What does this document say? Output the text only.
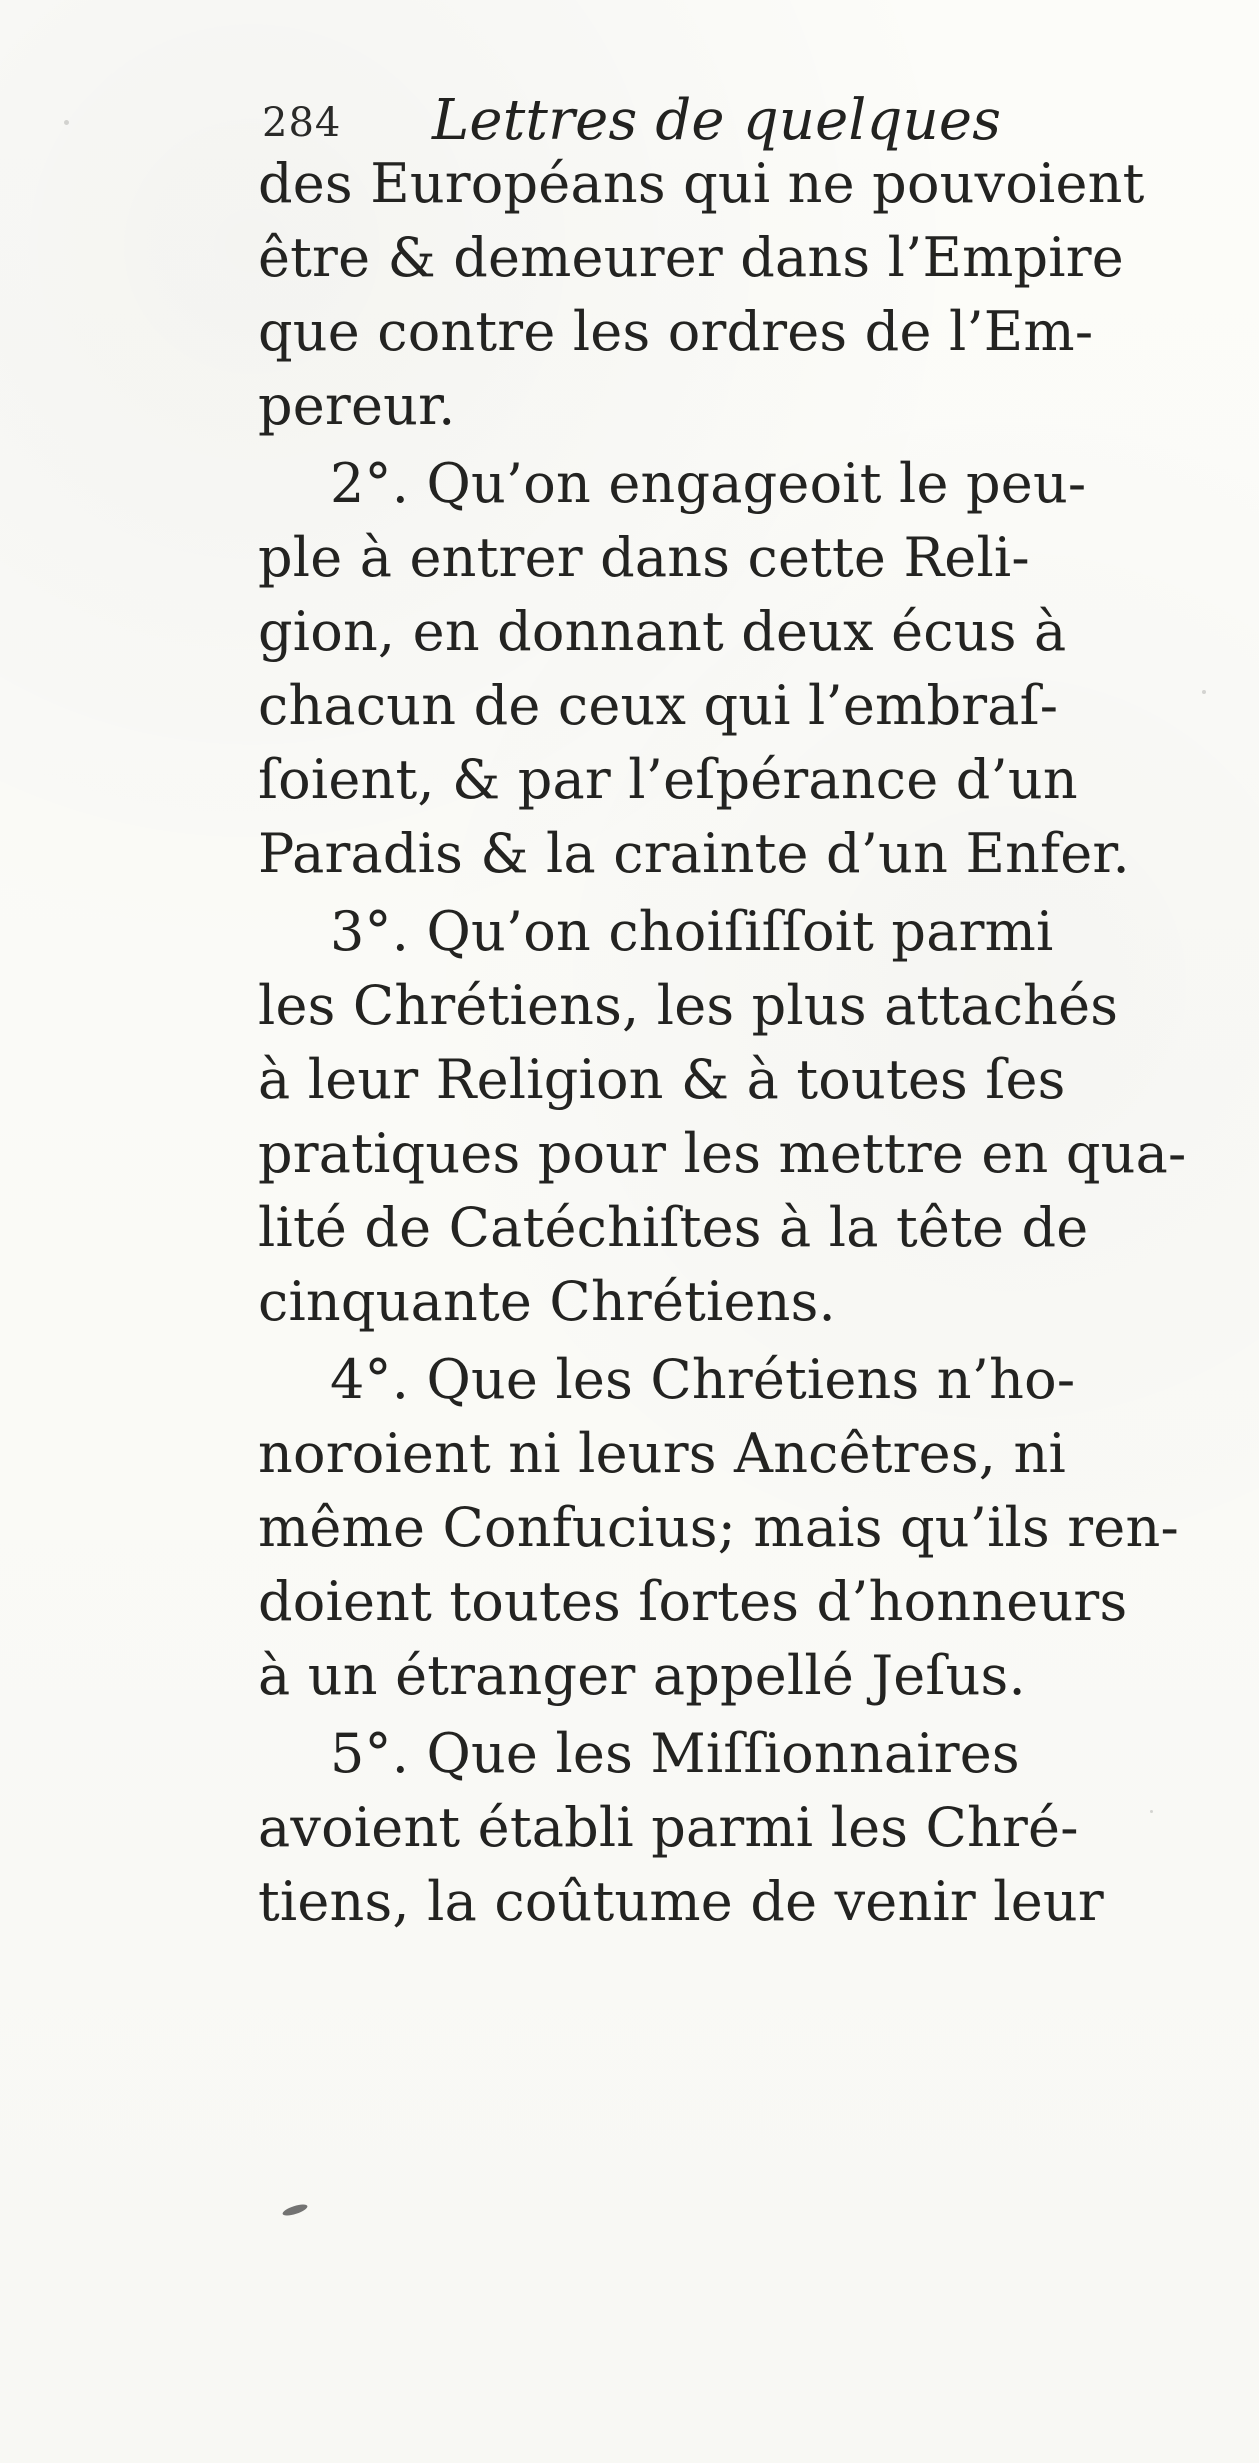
284 Lettres de quelques
des Européans qui ne pouvoient
être & demeurer dans l’Empire
que contre les ordres de l’Em-
pereur.
2°. Qu’on engageoit le peu-
ple à entrer dans cette Reli-
gion, en donnant deux écus à
chacun de ceux qui l’embraſ-
ſoient, & par l’eſpérance d’un
Paradis & la crainte d’un Enfer.
3°. Qu’on choiſiſſoit parmi
les Chrétiens, les plus attachés
à leur Religion & à toutes ſes
pratiques pour les mettre en qua-
lité de Catéchiſtes à la tête de
cinquante Chrétiens.
4°. Que les Chrétiens n’ho-
noroient ni leurs Ancêtres, ni
même Confucius; mais qu’ils ren-
doient toutes ſortes d’honneurs
à un étranger appellé Jeſus.
5°. Que les Miſſionnaires
avoient établi parmi les Chré-
tiens, la coûtume de venir leur
